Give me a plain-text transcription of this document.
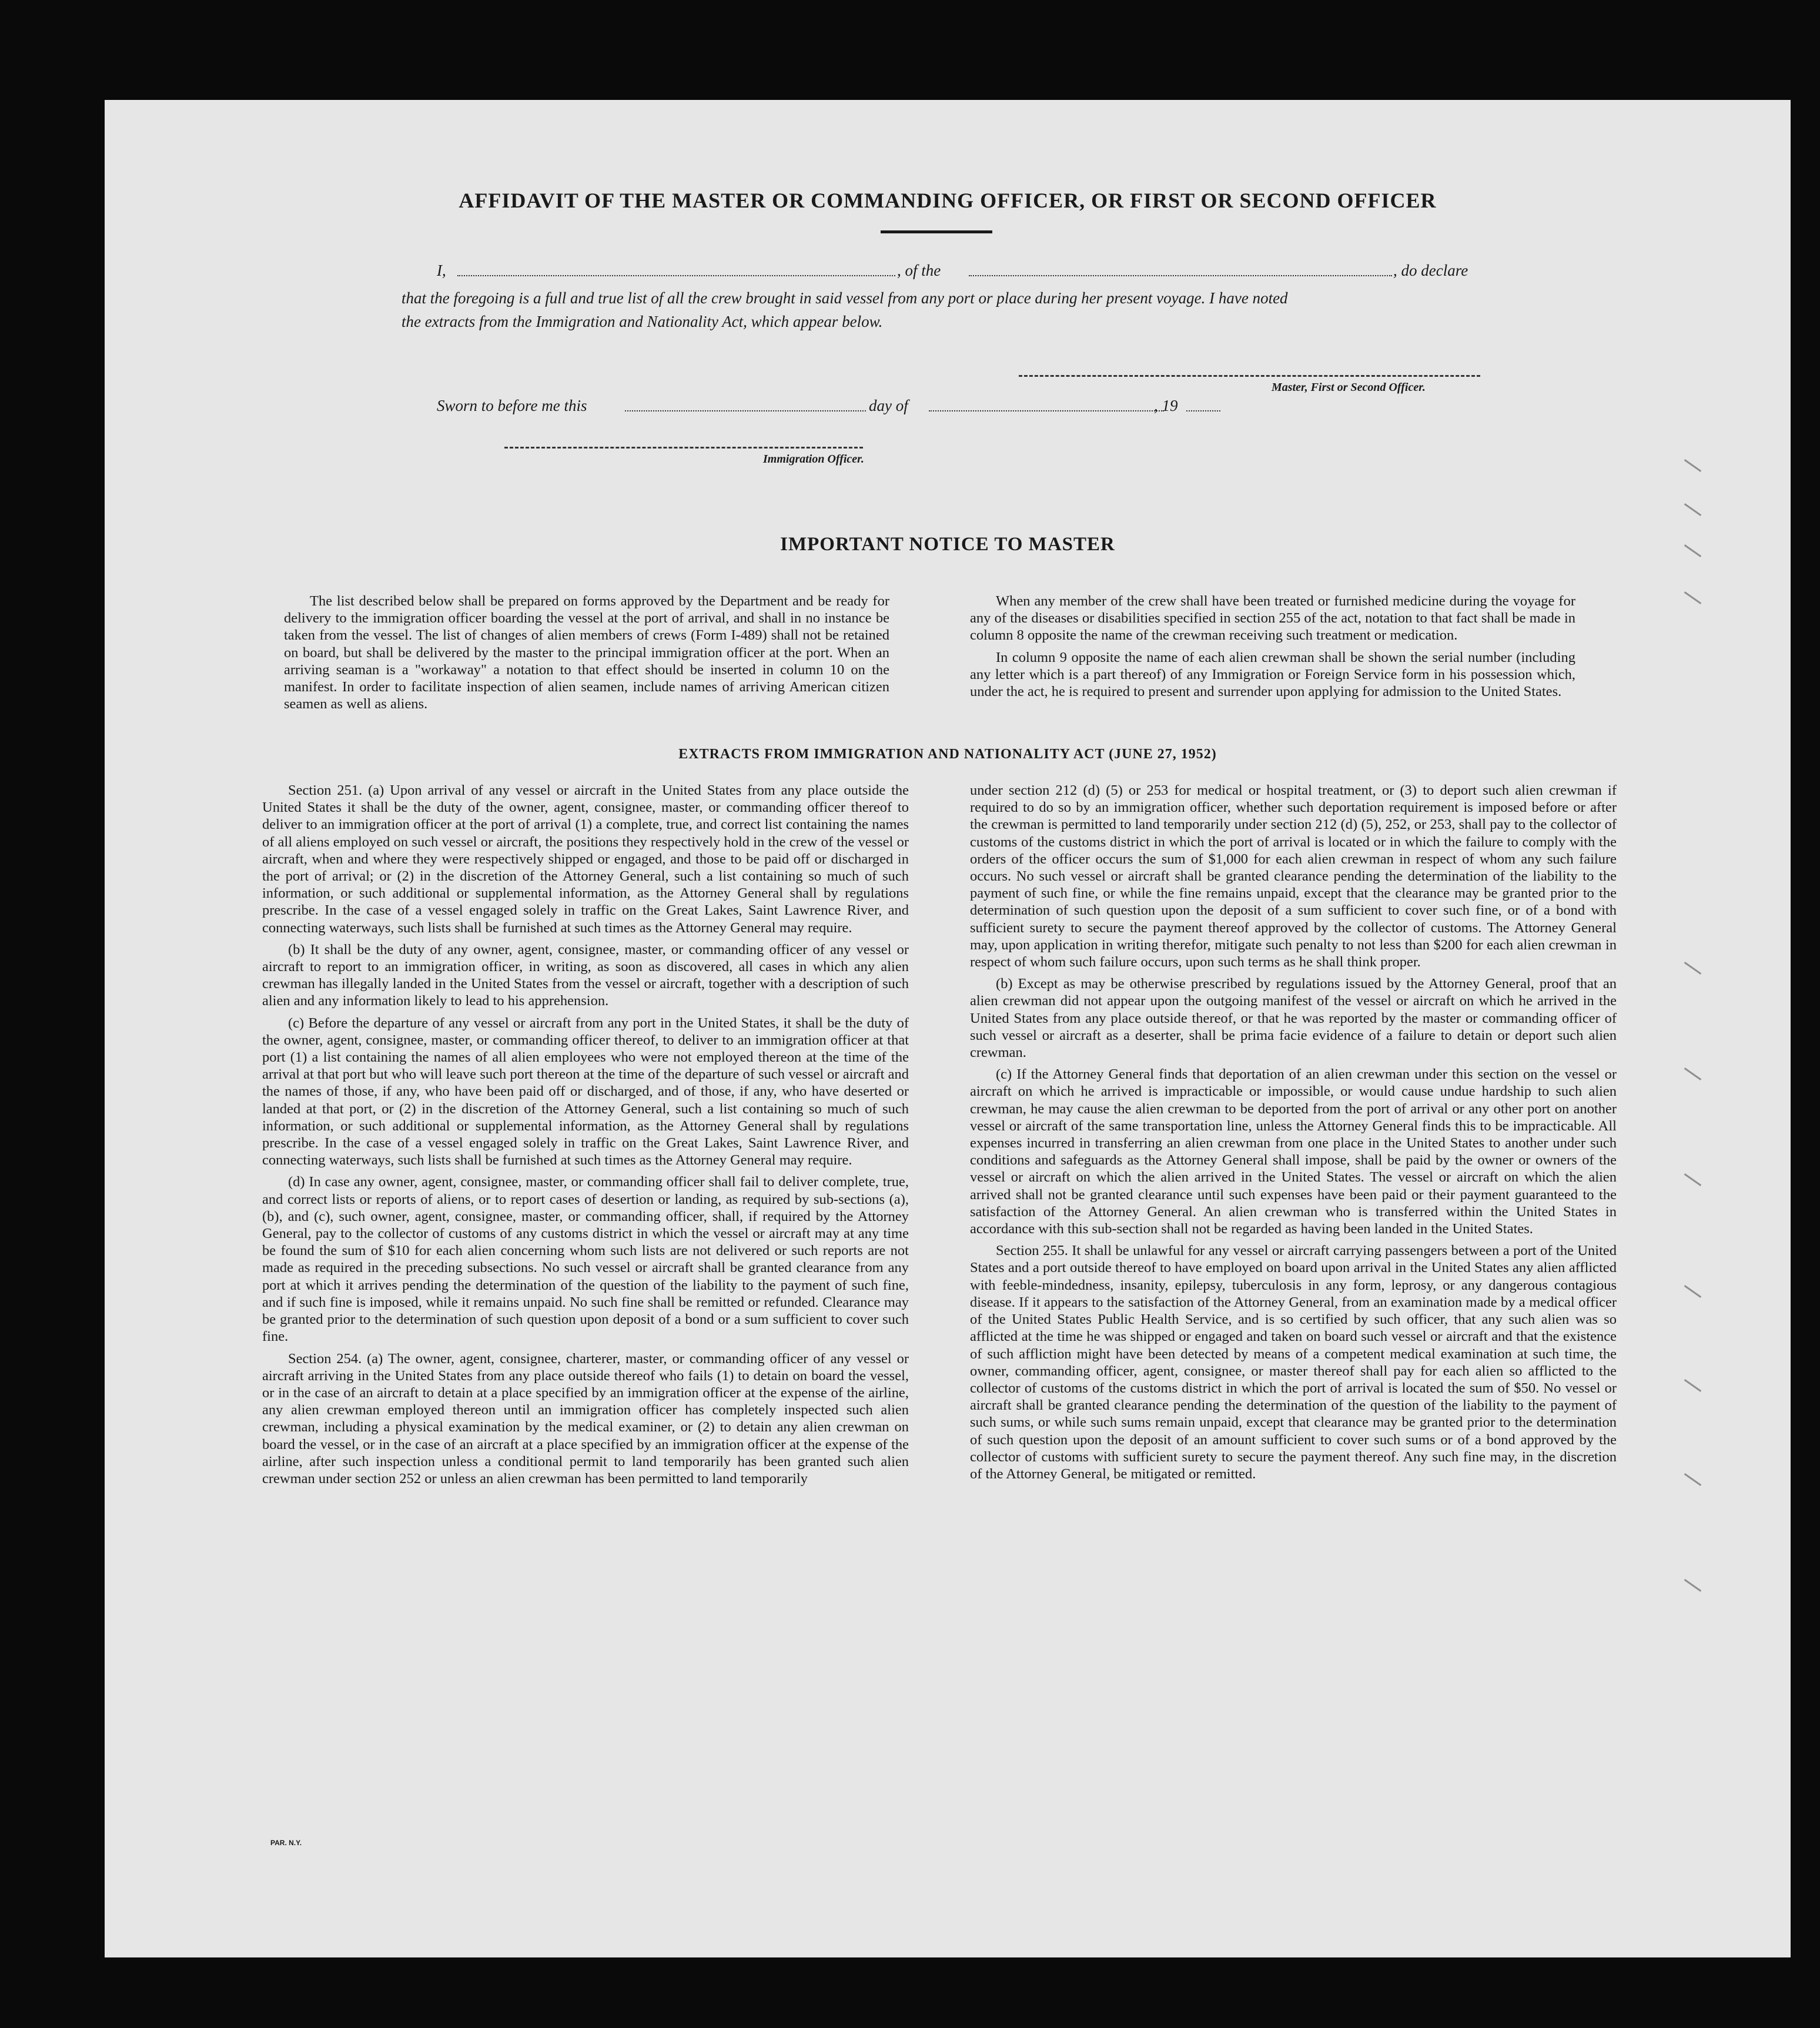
AFFIDAVIT OF THE MASTER OR COMMANDING OFFICER, OR FIRST OR SECOND OFFICER
I,	, of the	, do declare
that the foregoing is a full and true list of all the crew brought in said vessel from any port or place during her present voyage. I have noted
the extracts from the Immigration and Nationality Act, which appear below.
Master, First or Second Officer.
Sworn to before me this	day of	, 19
Immigration Officer.
IMPORTANT NOTICE TO MASTER

The list described below shall be prepared on forms approved by the Department and be ready for delivery to the immigration officer boarding the vessel at the port of arrival, and shall in no instance be taken from the vessel. The list of changes of alien members of crews (Form I-489) shall not be retained on board, but shall be delivered by the master to the principal immigration officer at the port. When an arriving seaman is a "workaway" a notation to that effect should be inserted in column 10 on the manifest. In order to facilitate inspection of alien seamen, include names of arriving American citizen seamen as well as aliens.

When any member of the crew shall have been treated or furnished medicine during the voyage for any of the diseases or disabilities specified in section 255 of the act, notation to that fact shall be made in column 8 opposite the name of the crewman receiving such treatment or medication.

In column 9 opposite the name of each alien crewman shall be shown the serial number (including any letter which is a part thereof) of any Immigration or Foreign Service form in his possession which, under the act, he is required to present and surrender upon applying for admission to the United States.

EXTRACTS FROM IMMIGRATION AND NATIONALITY ACT (JUNE 27, 1952)

Section 251. (a) Upon arrival of any vessel or aircraft in the United States from any place outside the United States it shall be the duty of the owner, agent, consignee, master, or commanding officer thereof to deliver to an immigration officer at the port of arrival (1) a complete, true, and correct list containing the names of all aliens employed on such vessel or aircraft, the positions they respectively hold in the crew of the vessel or aircraft, when and where they were respectively shipped or engaged, and those to be paid off or discharged in the port of arrival; or (2) in the discretion of the Attorney General, such a list containing so much of such information, or such additional or supplemental information, as the Attorney General shall by regulations prescribe. In the case of a vessel engaged solely in traffic on the Great Lakes, Saint Lawrence River, and connecting waterways, such lists shall be furnished at such times as the Attorney General may require.

(b) It shall be the duty of any owner, agent, consignee, master, or commanding officer of any vessel or aircraft to report to an immigration officer, in writing, as soon as discovered, all cases in which any alien crewman has illegally landed in the United States from the vessel or aircraft, together with a description of such alien and any information likely to lead to his apprehension.

(c) Before the departure of any vessel or aircraft from any port in the United States, it shall be the duty of the owner, agent, consignee, master, or commanding officer thereof, to deliver to an immigration officer at that port (1) a list containing the names of all alien employees who were not employed thereon at the time of the arrival at that port but who will leave such port thereon at the time of the departure of such vessel or aircraft and the names of those, if any, who have been paid off or discharged, and of those, if any, who have deserted or landed at that port, or (2) in the discretion of the Attorney General, such a list containing so much of such information, or such additional or supplemental information, as the Attorney General shall by regulations prescribe. In the case of a vessel engaged solely in traffic on the Great Lakes, Saint Lawrence River, and connecting waterways, such lists shall be furnished at such times as the Attorney General may require.

(d) In case any owner, agent, consignee, master, or commanding officer shall fail to deliver complete, true, and correct lists or reports of aliens, or to report cases of desertion or landing, as required by sub-sections (a), (b), and (c), such owner, agent, consignee, master, or commanding officer, shall, if required by the Attorney General, pay to the collector of customs of any customs district in which the vessel or aircraft may at any time be found the sum of $10 for each alien concerning whom such lists are not delivered or such reports are not made as required in the preceding subsections. No such vessel or aircraft shall be granted clearance from any port at which it arrives pending the determination of the question of the liability to the payment of such fine, and if such fine is imposed, while it remains unpaid. No such fine shall be remitted or refunded. Clearance may be granted prior to the determination of such question upon deposit of a bond or a sum sufficient to cover such fine.

Section 254. (a) The owner, agent, consignee, charterer, master, or commanding officer of any vessel or aircraft arriving in the United States from any place outside thereof who fails (1) to detain on board the vessel, or in the case of an aircraft to detain at a place specified by an immigration officer at the expense of the airline, any alien crewman employed thereon until an immigration officer has completely inspected such alien crewman, including a physical examination by the medical examiner, or (2) to detain any alien crewman on board the vessel, or in the case of an aircraft at a place specified by an immigration officer at the expense of the airline, after such inspection unless a conditional permit to land temporarily has been granted such alien crewman under section 252 or unless an alien crewman has been permitted to land temporarily

under section 212 (d) (5) or 253 for medical or hospital treatment, or (3) to deport such alien crewman if required to do so by an immigration officer, whether such deportation requirement is imposed before or after the crewman is permitted to land temporarily under section 212 (d) (5), 252, or 253, shall pay to the collector of customs of the customs district in which the port of arrival is located or in which the failure to comply with the orders of the officer occurs the sum of $1,000 for each alien crewman in respect of whom any such failure occurs. No such vessel or aircraft shall be granted clearance pending the determination of the liability to the payment of such fine, or while the fine remains unpaid, except that the clearance may be granted prior to the determination of such question upon the deposit of a sum sufficient to cover such fine, or of a bond with sufficient surety to secure the payment thereof approved by the collector of customs. The Attorney General may, upon application in writing therefor, mitigate such penalty to not less than $200 for each alien crewman in respect of whom such failure occurs, upon such terms as he shall think proper.

(b) Except as may be otherwise prescribed by regulations issued by the Attorney General, proof that an alien crewman did not appear upon the outgoing manifest of the vessel or aircraft on which he arrived in the United States from any place outside thereof, or that he was reported by the master or commanding officer of such vessel or aircraft as a deserter, shall be prima facie evidence of a failure to detain or deport such alien crewman.

(c) If the Attorney General finds that deportation of an alien crewman under this section on the vessel or aircraft on which he arrived is impracticable or impossible, or would cause undue hardship to such alien crewman, he may cause the alien crewman to be deported from the port of arrival or any other port on another vessel or aircraft of the same transportation line, unless the Attorney General finds this to be impracticable. All expenses incurred in transferring an alien crewman from one place in the United States to another under such conditions and safeguards as the Attorney General shall impose, shall be paid by the owner or owners of the vessel or aircraft on which the alien arrived in the United States. The vessel or aircraft on which the alien arrived shall not be granted clearance until such expenses have been paid or their payment guaranteed to the satisfaction of the Attorney General. An alien crewman who is transferred within the United States in accordance with this sub-section shall not be regarded as having been landed in the United States.

Section 255. It shall be unlawful for any vessel or aircraft carrying passengers between a port of the United States and a port outside thereof to have employed on board upon arrival in the United States any alien afflicted with feeble-mindedness, insanity, epilepsy, tuberculosis in any form, leprosy, or any dangerous contagious disease. If it appears to the satisfaction of the Attorney General, from an examination made by a medical officer of the United States Public Health Service, and is so certified by such officer, that any such alien was so afflicted at the time he was shipped or engaged and taken on board such vessel or aircraft and that the existence of such affliction might have been detected by means of a competent medical examination at such time, the owner, commanding officer, agent, consignee, or master thereof shall pay for each alien so afflicted to the collector of customs of the customs district in which the port of arrival is located the sum of $50. No vessel or aircraft shall be granted clearance pending the determination of the question of the liability to the payment of such sums, or while such sums remain unpaid, except that clearance may be granted prior to the determination of such question upon the deposit of an amount sufficient to cover such sums or of a bond approved by the collector of customs with sufficient surety to secure the payment thereof. Any such fine may, in the discretion of the Attorney General, be mitigated or remitted.

PAR. N.Y.
